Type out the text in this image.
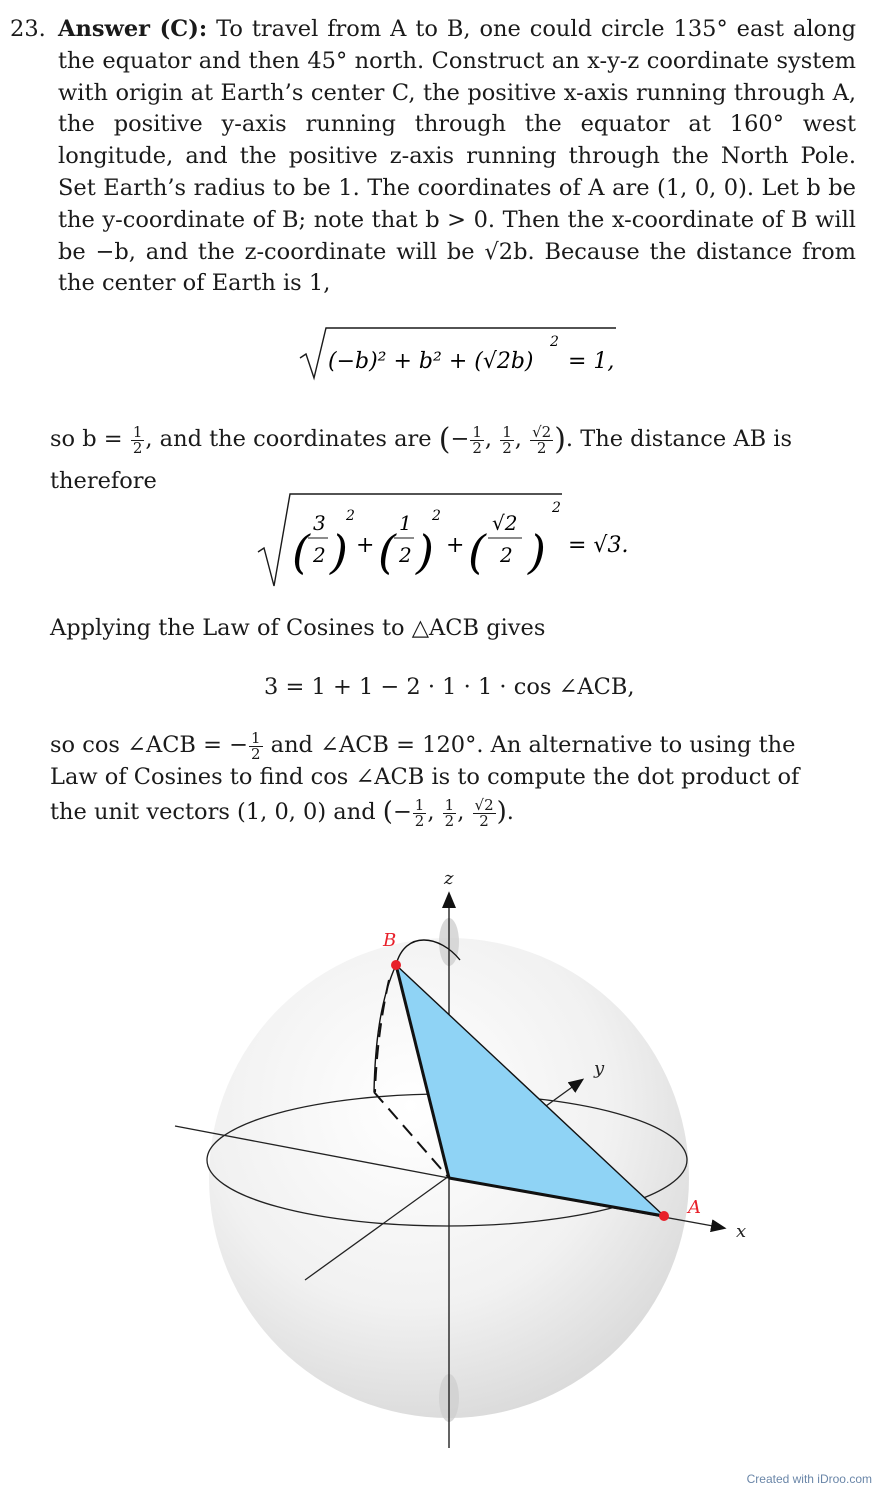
23. Answer (C): To travel from A to B, one could circle 135° east along the equator and then 45° north. Construct an x-y-z coordinate system with origin at Earth’s center C, the positive x-axis running through A, the positive y-axis running through the equator at 160° west longitude, and the positive z-axis running through the North Pole. Set Earth’s radius to be 1. The coordinates of A are (1, 0, 0). Let b be the y-coordinate of B; note that b > 0. Then the x-coordinate of B will be −b, and the z-coordinate will be √2b. Because the distance from the center of Earth is 1,
(−b)² + b² + (√2b)
2
= 1,
so $b = \frac{1}{2}$ , and the coordinates are (− $\frac{1}{2}$ , $\frac{1}{2}$ , $\frac{√2}{2}$ ). The distance AB is
therefore
(
3
2 )
2
+ (
1
2 )
2
+ (
√2
2 )
2
= √3.
Applying the Law of Cosines to △ACB gives
3 = 1 + 1 − 2 · 1 · 1 · cos ∠ACB,
so cos ∠ACB = − $\frac{1}{2}$ and ∠ACB = 120°. An alternative to using the
Law of Cosines to find cos ∠ACB is to compute the dot product of
the unit vectors (1, 0, 0) and (− $\frac{1}{2}$ , $\frac{1}{2}$ , $\frac{√2}{2}$ ).
z
y
x
A
B
Created with iDroo.com
